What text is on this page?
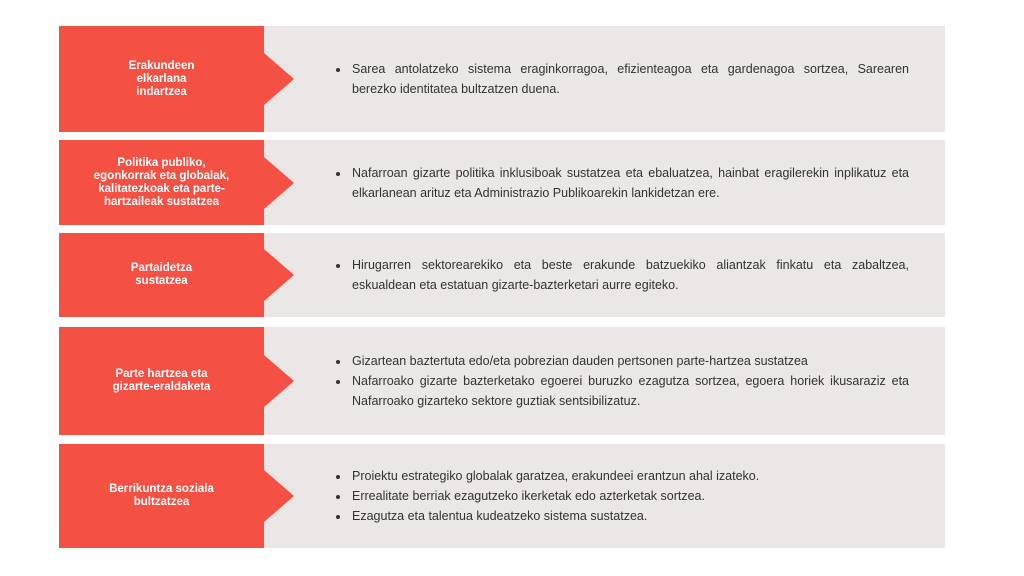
Erakundeen
elkarlana
indartzea
• Sarea antolatzeko sistema eraginkorragoa, efizienteagoa eta gardenagoa sortzea, Sarearen berezko identitatea bultzatzen duena.
Politika publiko,
egonkorrak eta globalak,
kalitatezkoak eta parte-
hartzaileak sustatzea
• Nafarroan gizarte politika inklusiboak sustatzea eta ebaluatzea, hainbat eragilerekin inplikatuz eta elkarlanean arituz eta Administrazio Publikoarekin lankidetzan ere.
Partaidetza
sustatzea
• Hirugarren sektorearekiko eta beste erakunde batzuekiko aliantzak finkatu eta zabaltzea, eskualdean eta estatuan gizarte-bazterketari aurre egiteko.
Parte hartzea eta
gizarte-eraldaketa
• Gizartean baztertuta edo/eta pobrezian dauden pertsonen parte-hartzea sustatzea
• Nafarroako gizarte bazterketako egoerei buruzko ezagutza sortzea, egoera horiek ikusaraziz eta Nafarroako gizarteko sektore guztiak sentsibilizatuz.
Berrikuntza soziala
bultzatzea
• Proiektu estrategiko globalak garatzea, erakundeei erantzun ahal izateko.
• Errealitate berriak ezagutzeko ikerketak edo azterketak sortzea.
• Ezagutza eta talentua kudeatzeko sistema sustatzea.
